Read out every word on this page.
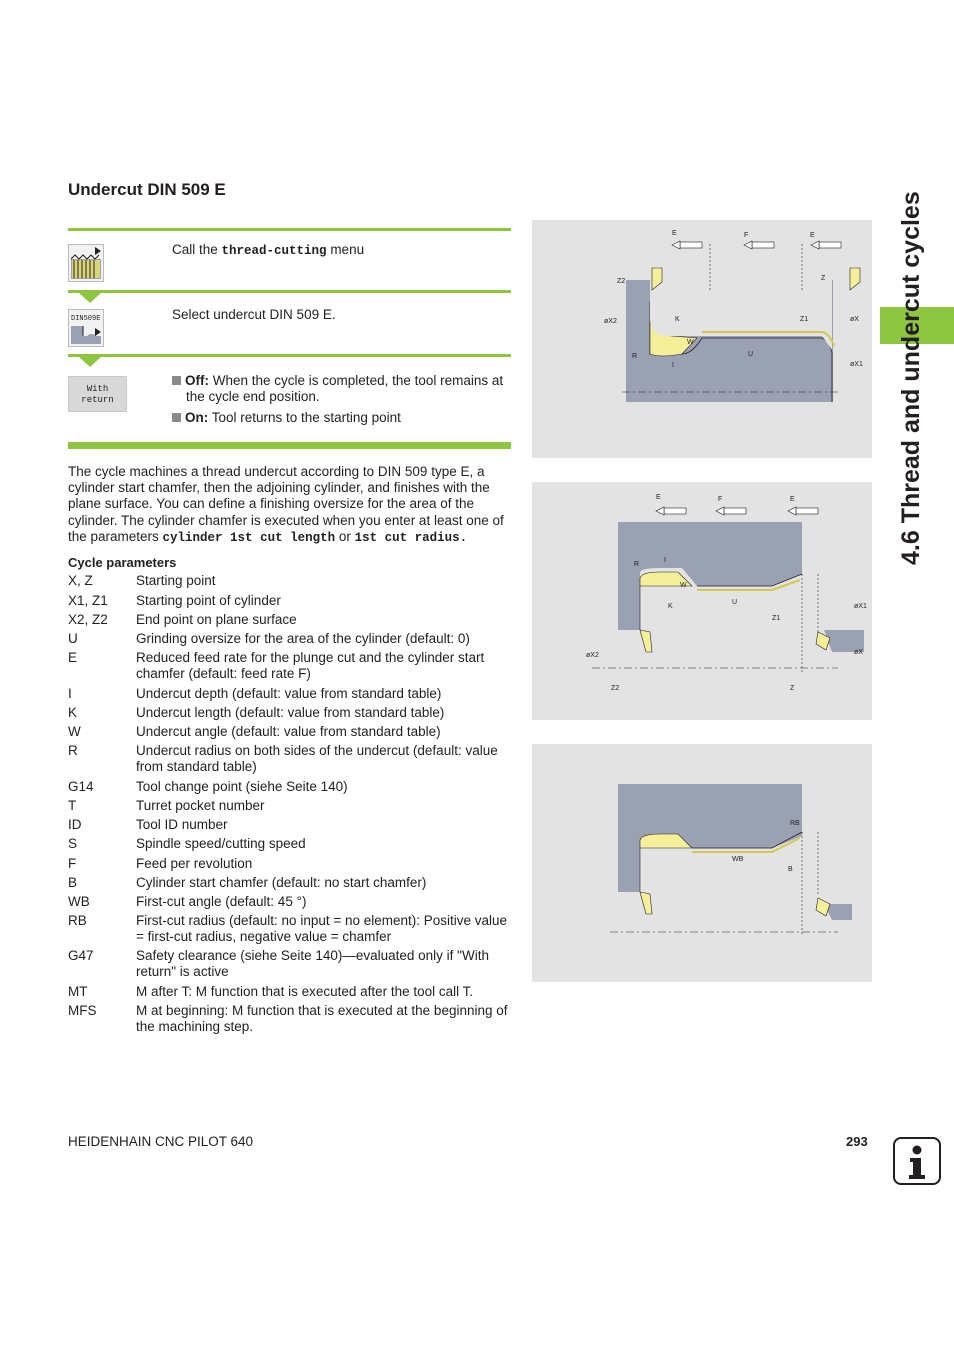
Undercut DIN 509 E
Call the thread-cutting menu
DIN509E	Select undercut DIN 509 E.
With
return
Off: When the cycle is completed, the tool remains at the cycle end position.
On: Tool returns to the starting point
The cycle machines a thread undercut according to DIN 509 type E, a cylinder start chamfer, then the adjoining cylinder, and finishes with the plane surface. You can define a finishing oversize for the area of the cylinder. The cylinder chamfer is executed when you enter at least one of the parameters cylinder 1st cut length or 1st cut radius.
Cycle parameters
X, Z	Starting point
X1, Z1	Starting point of cylinder
X2, Z2	End point on plane surface
U	Grinding oversize for the area of the cylinder (default: 0)
E	Reduced feed rate for the plunge cut and the cylinder start chamfer (default: feed rate F)
I	Undercut depth (default: value from standard table)
K	Undercut length (default: value from standard table)
W	Undercut angle (default: value from standard table)
R	Undercut radius on both sides of the undercut (default: value from standard table)
G14	Tool change point (siehe Seite 140)
T	Turret pocket number
ID	Tool ID number
S	Spindle speed/cutting speed
F	Feed per revolution
B	Cylinder start chamfer (default: no start chamfer)
WB	First-cut angle (default: 45 °)
RB	First-cut radius (default: no input = no element): Positive value = first-cut radius, negative value = chamfer
G47	Safety clearance (siehe Seite 140)—evaluated only if "With return" is active
MT	M after T: M function that is executed after the tool call T.
MFS	M at beginning: M function that is executed at the beginning of the machining step.
E	F	E
Z2	Z
øX2	K	Z1	øX
W
U
R
I	øX1
E	F	E
R
I
W
K
U
Z1
øX1
øX2	øX
Z2	Z
RB
WB
B
4.6 Thread and undercut cycles
HEIDENHAIN CNC PILOT 640	293
